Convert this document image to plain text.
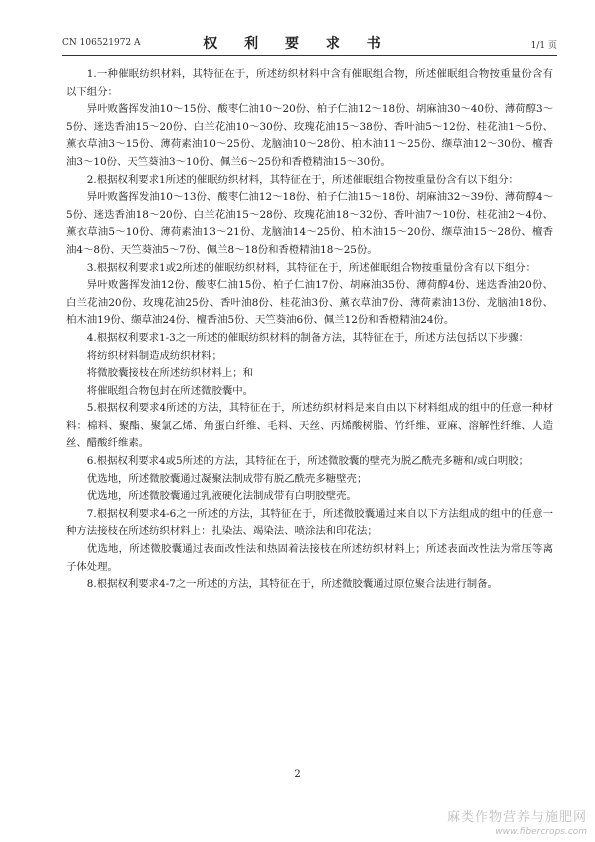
CN 106521972 A	权 利 要 求 书	1/1 页

1.一种催眠纺织材料，其特征在于，所述纺织材料中含有催眠组合物，所述催眠组合物按重量份含有以下组分：

异叶败酱挥发油10～15份、酸枣仁油10～20份、柏子仁油12～18份、胡麻油30～40份、薄荷醇3～5份、迷迭香油15～20份、白兰花油10～30份、玫瑰花油15～38份、香叶油5～12份、桂花油1～5份、薰衣草油3～15份、薄荷素油10～25份、龙脑油10～28份、柏木油11～25份、缬草油12～30份、檀香油3～10份、天竺葵油3～10份、佩兰6～25份和香橙精油15～30份。

2.根据权利要求1所述的催眠纺织材料，其特征在于，所述催眠组合物按重量份含有以下组分：

异叶败酱挥发油10～13份、酸枣仁油12～18份、柏子仁油15～18份、胡麻油32～39份、薄荷醇4～5份、迷迭香油18～20份、白兰花油15～28份、玫瑰花油18～32份、香叶油7～10份、桂花油2～4份、薰衣草油5～10份、薄荷素油13～21份、龙脑油14～25份、柏木油15～20份、缬草油15～28份、檀香油4～8份、天竺葵油5～7份、佩兰8～18份和香橙精油18～25份。

3.根据权利要求1或2所述的催眠纺织材料，其特征在于，所述催眠组合物按重量份含有以下组分：

异叶败酱挥发油12份、酸枣仁油15份、柏子仁油17份、胡麻油35份、薄荷醇4份、迷迭香油20份、白兰花油20份、玫瑰花油25份、香叶油8份、桂花油3份、薰衣草油7份、薄荷素油13份、龙脑油18份、柏木油19份、缬草油24份、檀香油5份、天竺葵油6份、佩兰12份和香橙精油24份。

4.根据权利要求1-3之一所述的催眠纺织材料的制备方法，其特征在于，所述方法包括以下步骤：

将纺织材料制造成纺织材料；

将微胶囊接枝在所述纺织材料上；和

将催眠组合物包封在所述微胶囊中。

5.根据权利要求4所述的方法，其特征在于，所述纺织材料是来自由以下材料组成的组中的任意一种材料：棉料、聚酯、聚氯乙烯、角蛋白纤维、毛料、天丝、丙烯酸树脂、竹纤维、亚麻、溶解性纤维、人造丝、醋酸纤维素。

6.根据权利要求4或5所述的方法，其特征在于，所述微胶囊的壁壳为脱乙酰壳多糖和/或白明胶；

优选地，所述微胶囊通过凝聚法制成带有脱乙酰壳多糖壁壳；

优选地，所述微胶囊通过乳液硬化法制成带有白明胶壁壳。

7.根据权利要求4-6之一所述的方法，其特征在于，所述微胶囊通过来自以下方法组成的组中的任意一种方法接枝在所述纺织材料上：扎染法、竭染法、喷涂法和印花法；

优选地，所述微胶囊通过表面改性法和热固着法接枝在所述纺织材料上；所述表面改性法为常压等离子体处理。

8.根据权利要求4-7之一所述的方法，其特征在于，所述微胶囊通过原位聚合法进行制备。

2
麻类作物营养与施肥网
www.fibercrops.com
